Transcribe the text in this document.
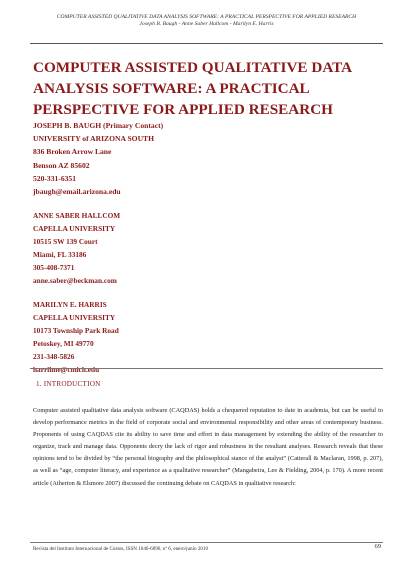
COMPUTER ASSISTED QUALITATIVE DATA ANALYSIS SOFTWARE: A PRACTICAL PERSPECTIVE FOR APPLIED RESEARCH
Joseph B. Baugh - Anne Saber Hallcom - Marilyn E. Harris
COMPUTER ASSISTED QUALITATIVE DATA ANALYSIS SOFTWARE: A PRACTICAL PERSPECTIVE FOR APPLIED RESEARCH
JOSEPH B. BAUGH (Primary Contact)
UNIVERSITY of ARIZONA SOUTH
836 Broken Arrow Lane
Benson AZ 85602
520-331-6351
jbaugh@email.arizona.edu
ANNE SABER HALLCOM
CAPELLA UNIVERSITY
10515 SW 139 Court
Miami, FL 33186
305-408-7371
anne.saber@beckman.com
MARILYN E. HARRIS
CAPELLA UNIVERSITY
10173 Township Park Road
Petoskey, MI 49770
231-348-5826
harrilme@cmich.edu
1. INTRODUCTION

Computer assisted qualitative data analysis software (CAQDAS) holds a chequered reputation to date in academia, but can be useful to develop performance metrics in the field of corporate social and environmental responsibility and other areas of contemporary business. Proponents of using CAQDAS cite its ability to save time and effort in data management by extending the ability of the researcher to organize, track and manage data. Opponents decry the lack of rigor and robustness in the resultant analyses. Research reveals that these opinions tend to be divided by “the personal biography and the philosophical stance of the analyst” (Catterall & Maclaran, 1998, p. 207), as well as “age, computer literacy, and experience as a qualitative researcher” (Mangabeira, Lee & Fielding, 2004, p. 170). A more recent article (Atherton & Elsmore 2007) discussed the continuing debate on CAQDAS in qualitative research:

Revista del Instituto Internacional de Costos, ISSN 1646-6896, nº 6, enero/junio 2010	69
